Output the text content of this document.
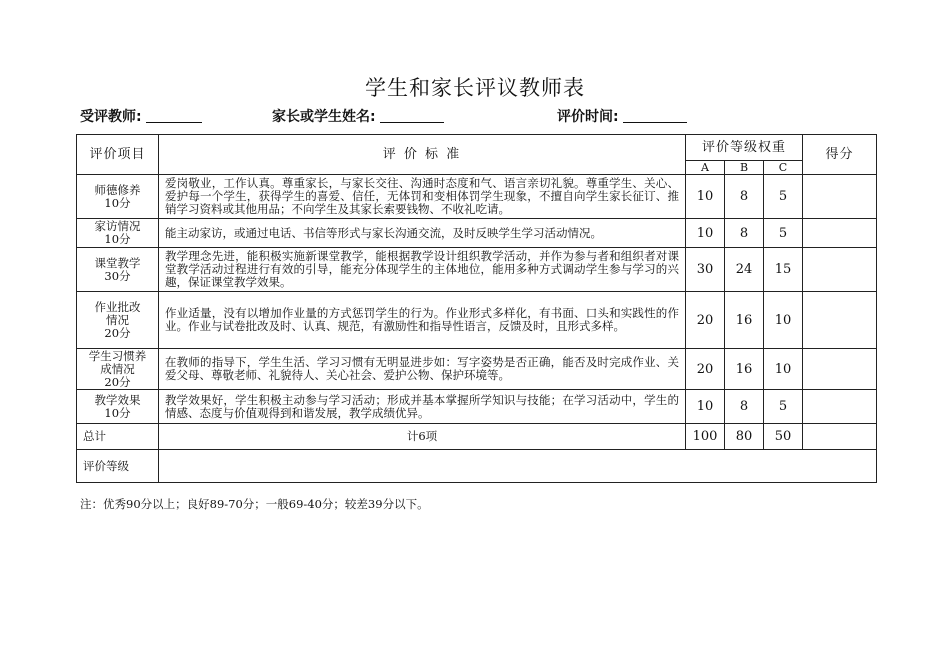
学生和家长评议教师表
受评教师:	家长或学生姓名:	评价时间:
评价项目	评 价 标 准	评价等级权重			得分
		A	B	C	

师德修养
10分	爱岗敬业，工作认真。尊重家长，与家长交往、沟通时态度和气、语言亲切礼貌。尊重学生、关心、爱护每一个学生，获得学生的喜爱、信任，无体罚和变相体罚学生现象，不擅自向学生家长征订、推销学习资料或其他用品；不向学生及其家长索要钱物、不收礼吃请。	10	8	5	

家访情况
10分	能主动家访，或通过电话、书信等形式与家长沟通交流，及时反映学生学习活动情况。	10	8	5	

课堂教学
30分	教学理念先进，能积极实施新课堂教学，能根据教学设计组织教学活动，并作为参与者和组织者对课堂教学活动过程进行有效的引导，能充分体现学生的主体地位，能用多种方式调动学生参与学习的兴趣，保证课堂教学效果。	30	24	15	

作业批改情况
20分	作业适量，没有以增加作业量的方式惩罚学生的行为。作业形式多样化，有书面、口头和实践性的作业。作业与试卷批改及时、认真、规范，有激励性和指导性语言，反馈及时，且形式多样。	20	16	10	

学生习惯养成情况
20分	在教师的指导下，学生生活、学习习惯有无明显进步如：写字姿势是否正确，能否及时完成作业、关爱父母、尊敬老师、礼貌待人、关心社会、爱护公物、保护环境等。	20	16	10	

教学效果
10分	教学效果好，学生积极主动参与学习活动；形成并基本掌握所学知识与技能；在学习活动中，学生的情感、态度与价值观得到和谐发展，教学成绩优异。	10	8	5	
总计	计6项	100	80	50	
评价等级					
注：优秀90分以上；良好89-70分；一般69-40分；较差39分以下。
